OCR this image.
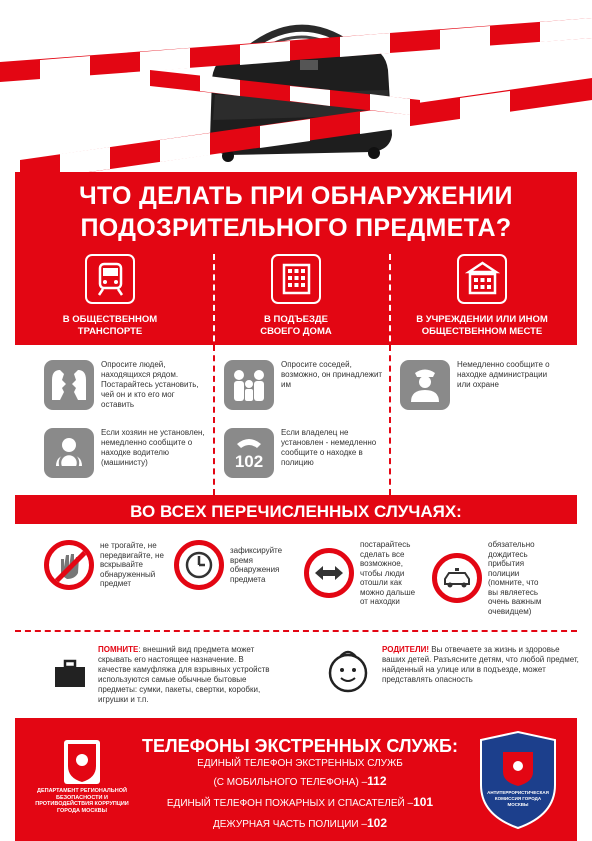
ЧТО ДЕЛАТЬ ПРИ ОБНАРУЖЕНИИ
ПОДОЗРИТЕЛЬНОГО ПРЕДМЕТА?
В ОБЩЕСТВЕННОМ
ТРАНСПОРТЕ
В ПОДЪЕЗДЕ
СВОЕГО ДОМА
В УЧРЕЖДЕНИИ ИЛИ ИНОМ
ОБЩЕСТВЕННОМ МЕСТЕ
Опросите людей, находящихся рядом. Постарайтесь установить, чей он и кто его мог оставить
Если хозяин не установлен, немедленно сообщите о находке водителю (машинисту)
Опросите соседей, возможно, он принадлежит им
102
Если владелец не установлен - немедленно сообщите о находке в полицию
Немедленно сообщите о находке администрации или охране
ВО ВСЕХ ПЕРЕЧИСЛЕННЫХ СЛУЧАЯХ:
не трогайте, не передвигайте, не вскрывайте обнаруженный предмет
зафиксируйте время обнаружения предмета
постарайтесь сделать все возможное, чтобы люди отошли как можно дальше от находки
обязательно дождитесь прибытия полиции (помните, что вы являетесь очень важным очевидцем)
ПОМНИТЕ: внешний вид предмета может скрывать его настоящее назначение. В качестве камуфляжа для взрывных устройств используются самые обычные бытовые предметы: сумки, пакеты, свертки, коробки, игрушки и т.п.
РОДИТЕЛИ! Вы отвечаете за жизнь и здоровье ваших детей. Разъясните детям, что любой предмет, найденный на улице или в подъезде, может представлять опасность
ДЕПАРТАМЕНТ РЕГИОНАЛЬНОЙ БЕЗОПАСНОСТИ И ПРОТИВОДЕЙСТВИЯ КОРРУПЦИИ ГОРОДА МОСКВЫ
ТЕЛЕФОНЫ ЭКСТРЕННЫХ СЛУЖБ:
ЕДИНЫЙ ТЕЛЕФОН ЭКСТРЕННЫХ СЛУЖБ
(С МОБИЛЬНОГО ТЕЛЕФОНА) –112
ЕДИНЫЙ ТЕЛЕФОН ПОЖАРНЫХ И СПАСАТЕЛЕЙ –101
ДЕЖУРНАЯ ЧАСТЬ ПОЛИЦИИ –102
АНТИТЕРРОРИСТИЧЕСКАЯ КОМИССИЯ ГОРОДА МОСКВЫ
